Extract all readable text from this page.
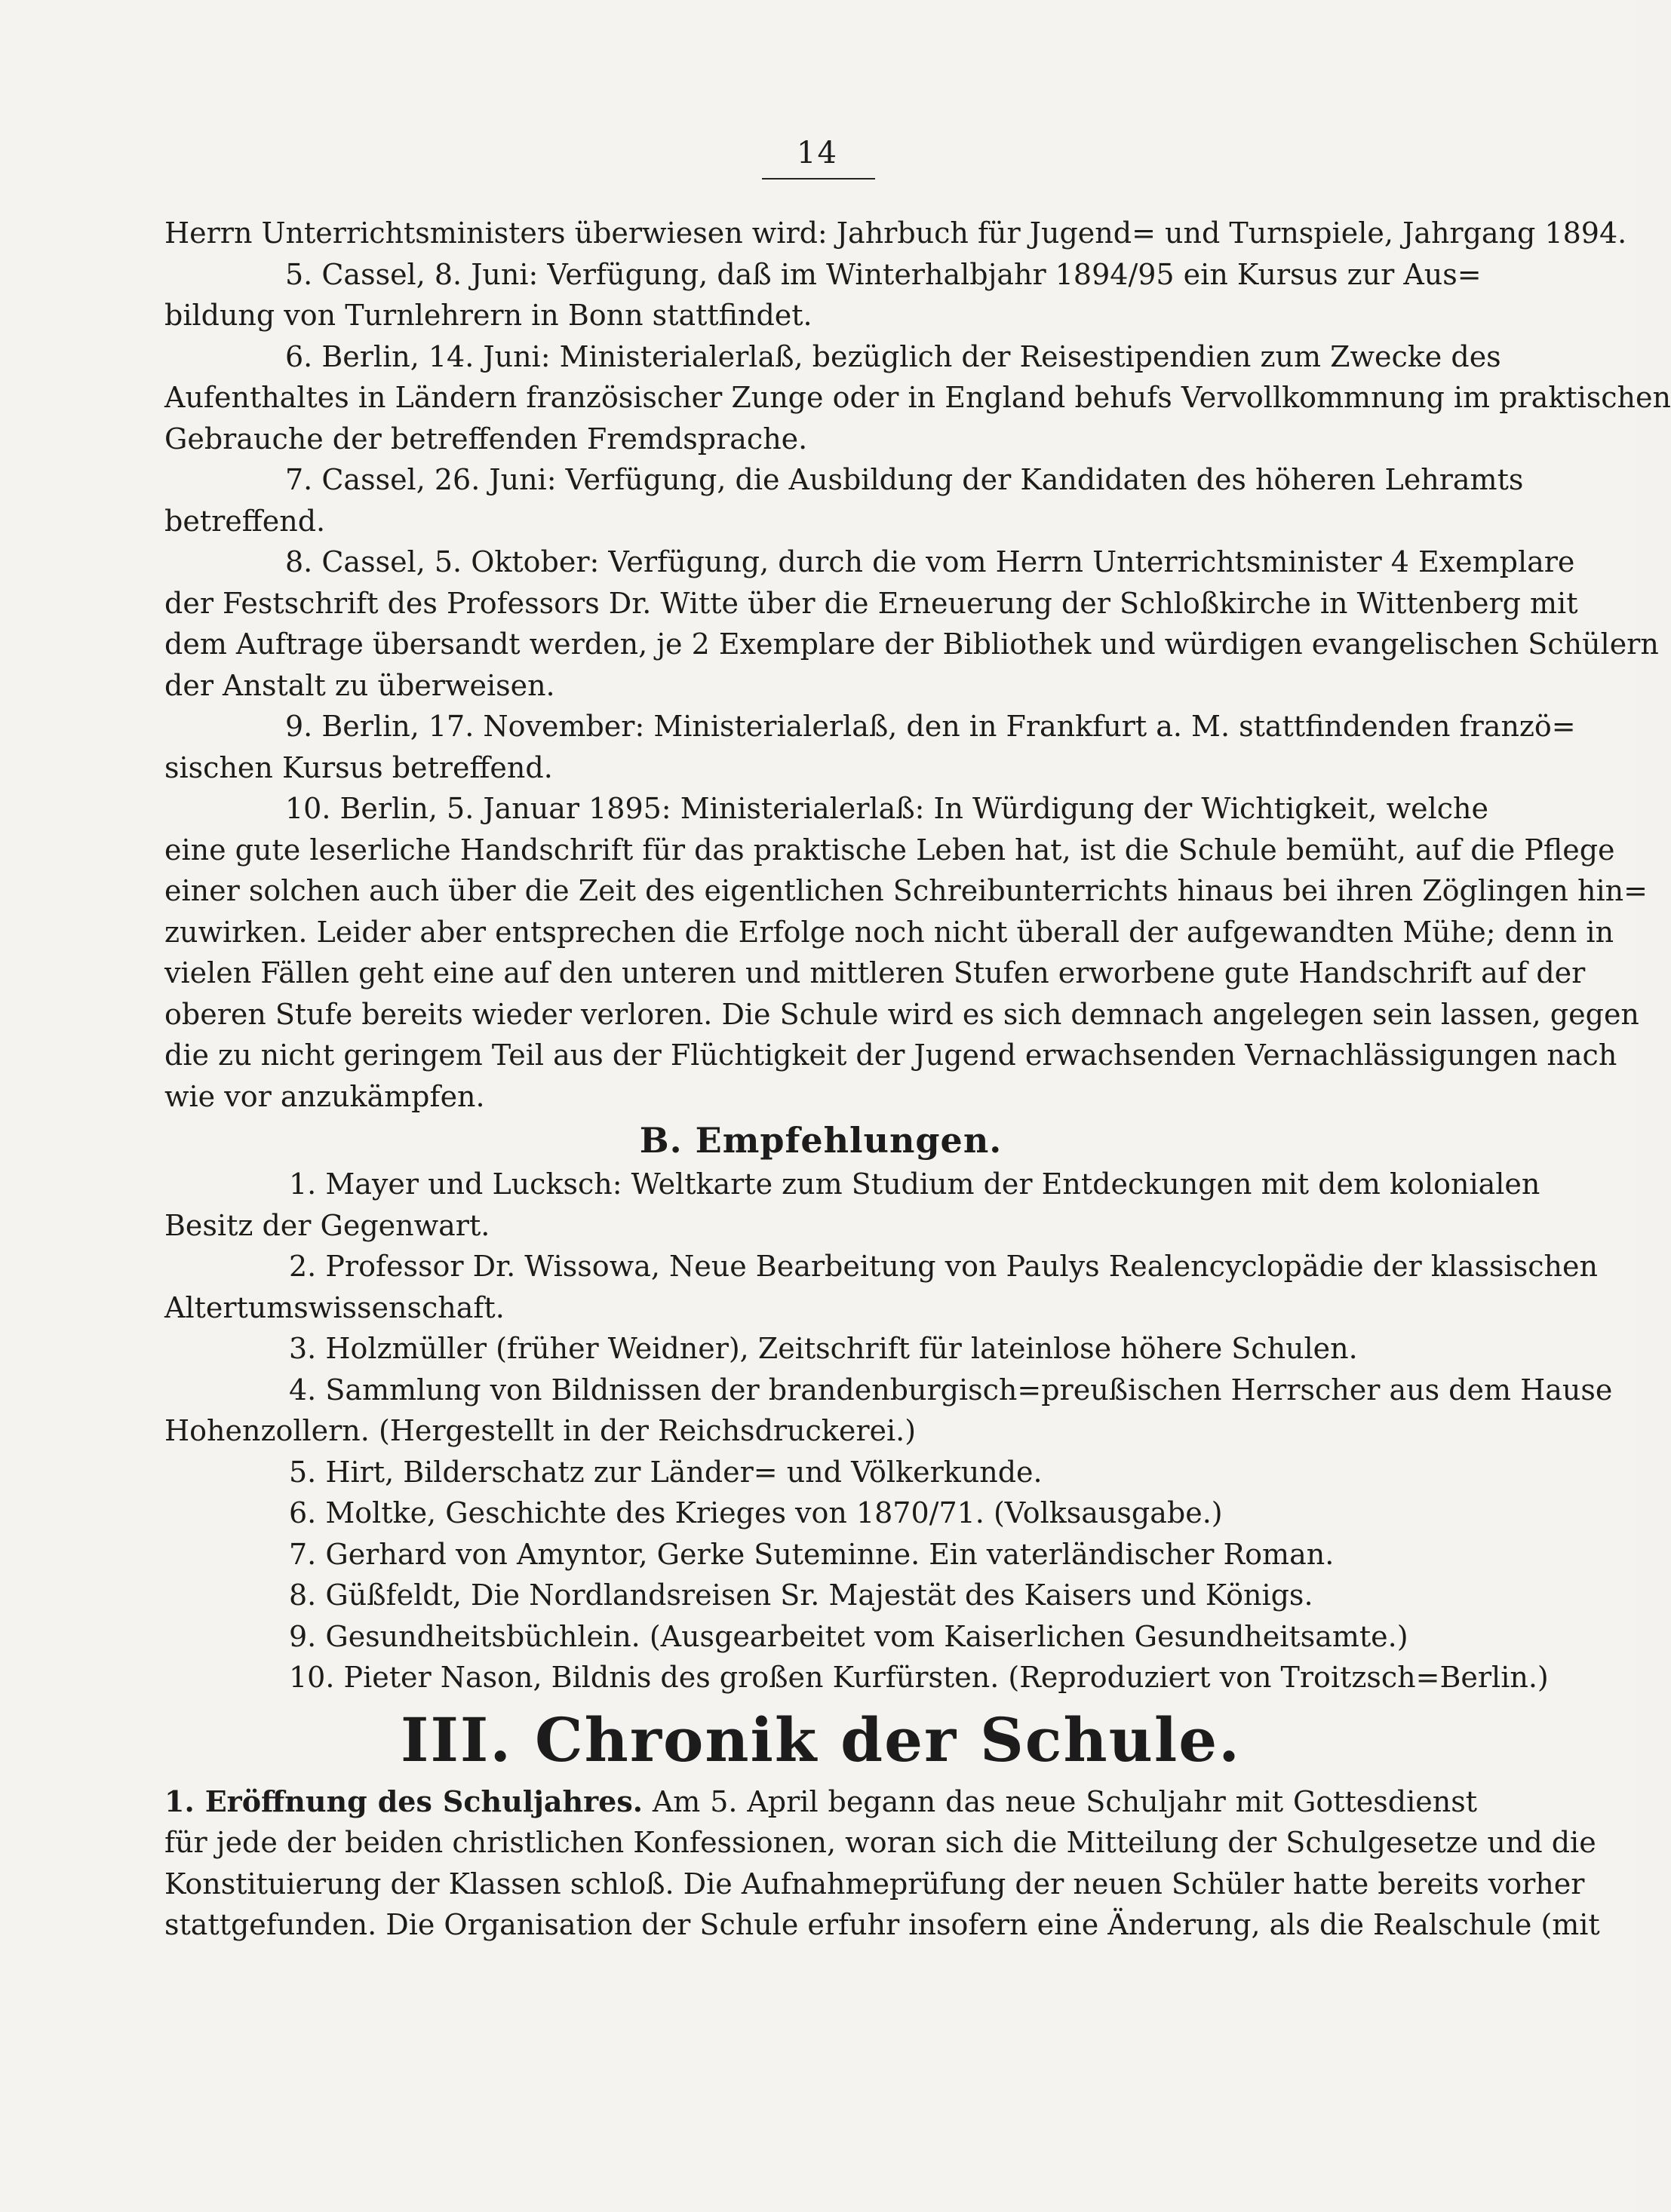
14
Herrn Unterrichtsministers überwiesen wird: Jahrbuch für Jugend= und Turnspiele, Jahrgang 1894.
5. Cassel, 8. Juni: Verfügung, daß im Winterhalbjahr 1894/95 ein Kursus zur Aus=
bildung von Turnlehrern in Bonn stattfindet.
6. Berlin, 14. Juni: Ministerialerlaß, bezüglich der Reisestipendien zum Zwecke des
Aufenthaltes in Ländern französischer Zunge oder in England behufs Vervollkommnung im praktischen
Gebrauche der betreffenden Fremdsprache.
7. Cassel, 26. Juni: Verfügung, die Ausbildung der Kandidaten des höheren Lehramts
betreffend.
8. Cassel, 5. Oktober: Verfügung, durch die vom Herrn Unterrichtsminister 4 Exemplare
der Festschrift des Professors Dr. Witte über die Erneuerung der Schloßkirche in Wittenberg mit
dem Auftrage übersandt werden, je 2 Exemplare der Bibliothek und würdigen evangelischen Schülern
der Anstalt zu überweisen.
9. Berlin, 17. November: Ministerialerlaß, den in Frankfurt a. M. stattfindenden franzö=
sischen Kursus betreffend.
10. Berlin, 5. Januar 1895: Ministerialerlaß: In Würdigung der Wichtigkeit, welche
eine gute leserliche Handschrift für das praktische Leben hat, ist die Schule bemüht, auf die Pflege
einer solchen auch über die Zeit des eigentlichen Schreibunterrichts hinaus bei ihren Zöglingen hin=
zuwirken. Leider aber entsprechen die Erfolge noch nicht überall der aufgewandten Mühe; denn in
vielen Fällen geht eine auf den unteren und mittleren Stufen erworbene gute Handschrift auf der
oberen Stufe bereits wieder verloren. Die Schule wird es sich demnach angelegen sein lassen, gegen
die zu nicht geringem Teil aus der Flüchtigkeit der Jugend erwachsenden Vernachlässigungen nach
wie vor anzukämpfen.
B. Empfehlungen.
1. Mayer und Lucksch: Weltkarte zum Studium der Entdeckungen mit dem kolonialen
Besitz der Gegenwart.
2. Professor Dr. Wissowa, Neue Bearbeitung von Paulys Realencyclopädie der klassischen
Altertumswissenschaft.
3. Holzmüller (früher Weidner), Zeitschrift für lateinlose höhere Schulen.
4. Sammlung von Bildnissen der brandenburgisch=preußischen Herrscher aus dem Hause
Hohenzollern. (Hergestellt in der Reichsdruckerei.)
5. Hirt, Bilderschatz zur Länder= und Völkerkunde.
6. Moltke, Geschichte des Krieges von 1870/71. (Volksausgabe.)
7. Gerhard von Amyntor, Gerke Suteminne. Ein vaterländischer Roman.
8. Güßfeldt, Die Nordlandsreisen Sr. Majestät des Kaisers und Königs.
9. Gesundheitsbüchlein. (Ausgearbeitet vom Kaiserlichen Gesundheitsamte.)
10. Pieter Nason, Bildnis des großen Kurfürsten. (Reproduziert von Troitzsch=Berlin.)
III. Chronik der Schule.
1. Eröffnung des Schuljahres. Am 5. April begann das neue Schuljahr mit Gottesdienst
für jede der beiden christlichen Konfessionen, woran sich die Mitteilung der Schulgesetze und die
Konstituierung der Klassen schloß. Die Aufnahmeprüfung der neuen Schüler hatte bereits vorher
stattgefunden. Die Organisation der Schule erfuhr insofern eine Änderung, als die Realschule (mit
